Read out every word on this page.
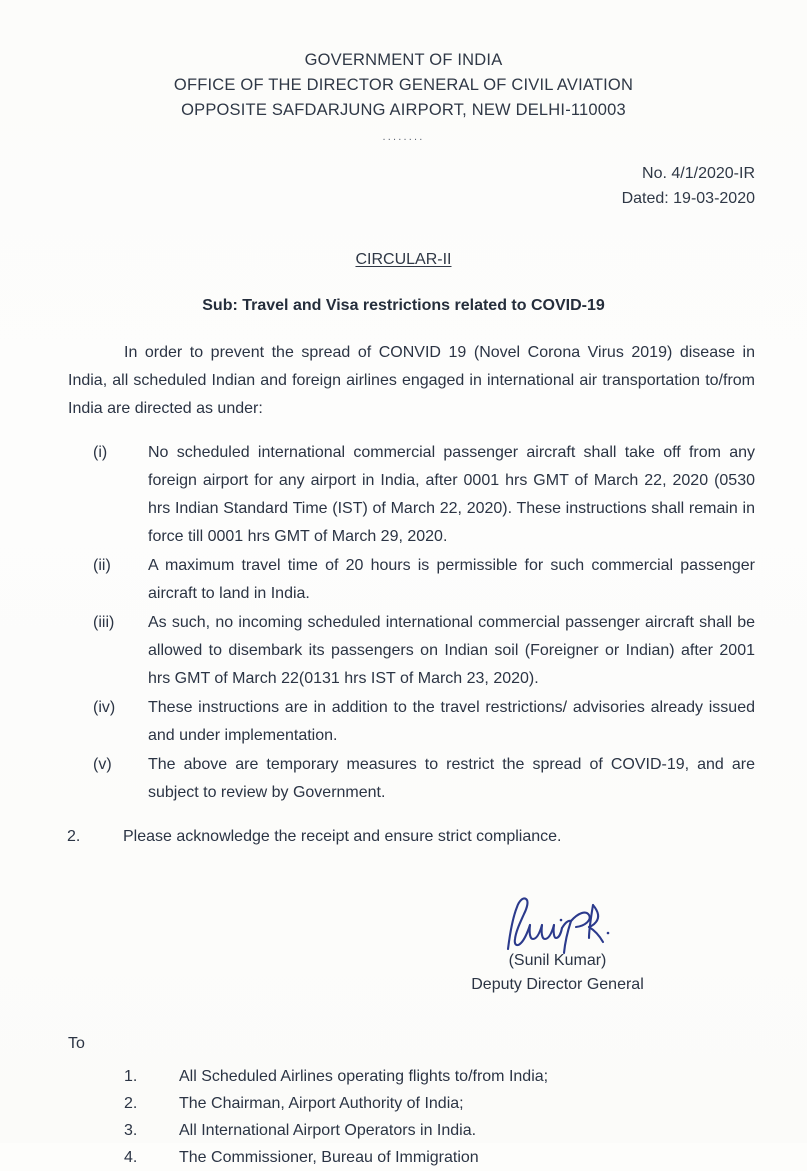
GOVERNMENT OF INDIA
OFFICE OF THE DIRECTOR GENERAL OF CIVIL AVIATION
OPPOSITE SAFDARJUNG AIRPORT, NEW DELHI-110003
........
No. 4/1/2020-IR
Dated: 19-03-2020
CIRCULAR-II
Sub: Travel and Visa restrictions related to COVID-19

In order to prevent the spread of CONVID 19 (Novel Corona Virus 2019) disease in India, all scheduled Indian and foreign airlines engaged in international air transportation to/from India are directed as under:

(i)	No scheduled international commercial passenger aircraft shall take off from any foreign airport for any airport in India, after 0001 hrs GMT of March 22, 2020 (0530 hrs Indian Standard Time (IST) of March 22, 2020). These instructions shall remain in force till 0001 hrs GMT of March 29, 2020.
(ii)	A maximum travel time of 20 hours is permissible for such commercial passenger aircraft to land in India.
(iii)	As such, no incoming scheduled international commercial passenger aircraft shall be allowed to disembark its passengers on Indian soil (Foreigner or Indian) after 2001 hrs GMT of March 22(0131 hrs IST of March 23, 2020).
(iv)	These instructions are in addition to the travel restrictions/ advisories already issued and under implementation.
(v)	The above are temporary measures to restrict the spread of COVID-19, and are subject to review by Government.
2.	Please acknowledge the receipt and ensure strict compliance.
(Sunil Kumar)
Deputy Director General
To
1.	All Scheduled Airlines operating flights to/from India;
2.	The Chairman, Airport Authority of India;
3.	All International Airport Operators in India.
4.	The Commissioner, Bureau of Immigration
